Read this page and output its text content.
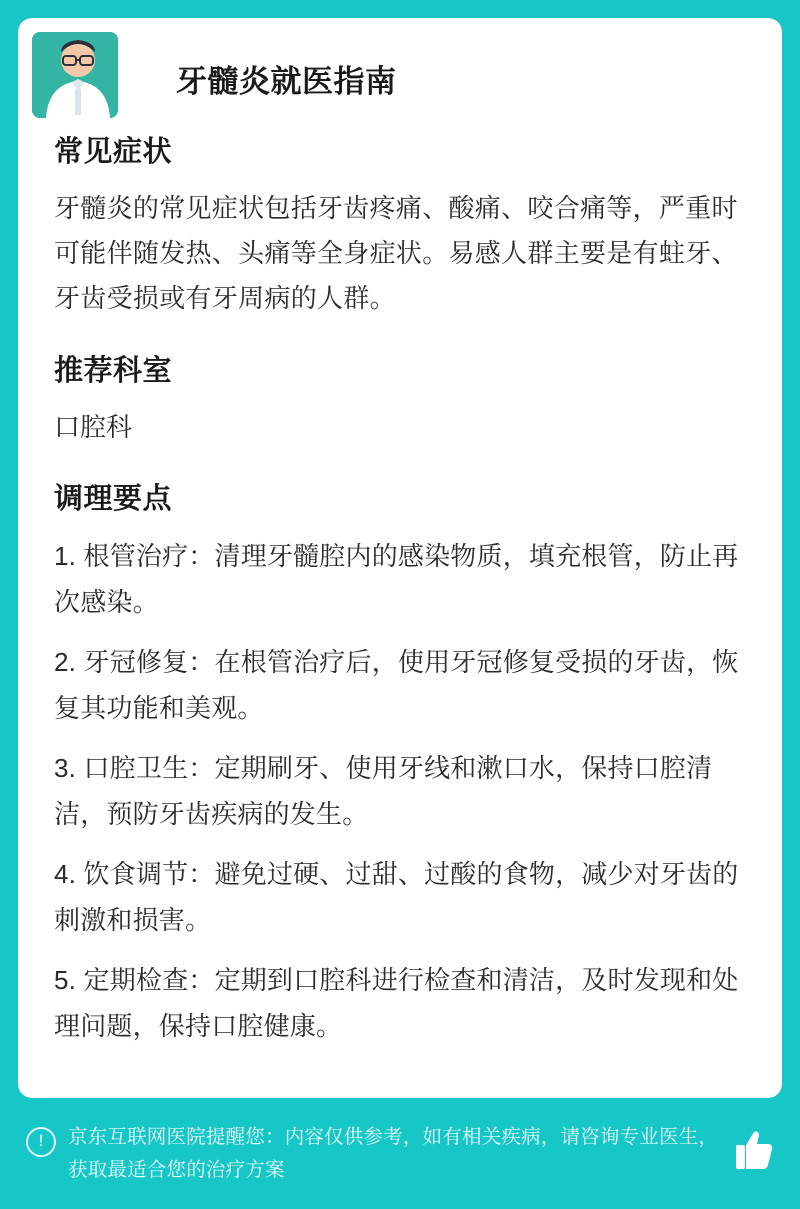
牙髓炎就医指南
常见症状

牙髓炎的常见症状包括牙齿疼痛、酸痛、咬合痛等，严重时可能伴随发热、头痛等全身症状。易感人群主要是有蛀牙、牙齿受损或有牙周病的人群。

推荐科室

口腔科

调理要点
1. 根管治疗：清理牙髓腔内的感染物质，填充根管，防止再次感染。
2. 牙冠修复：在根管治疗后，使用牙冠修复受损的牙齿，恢复其功能和美观。
3. 口腔卫生：定期刷牙、使用牙线和漱口水，保持口腔清洁，预防牙齿疾病的发生。
4. 饮食调节：避免过硬、过甜、过酸的食物，减少对牙齿的刺激和损害。
5. 定期检查：定期到口腔科进行检查和清洁，及时发现和处理问题，保持口腔健康。
!	京东互联网医院提醒您：内容仅供参考，如有相关疾病，请咨询专业医生，获取最适合您的治疗方案
